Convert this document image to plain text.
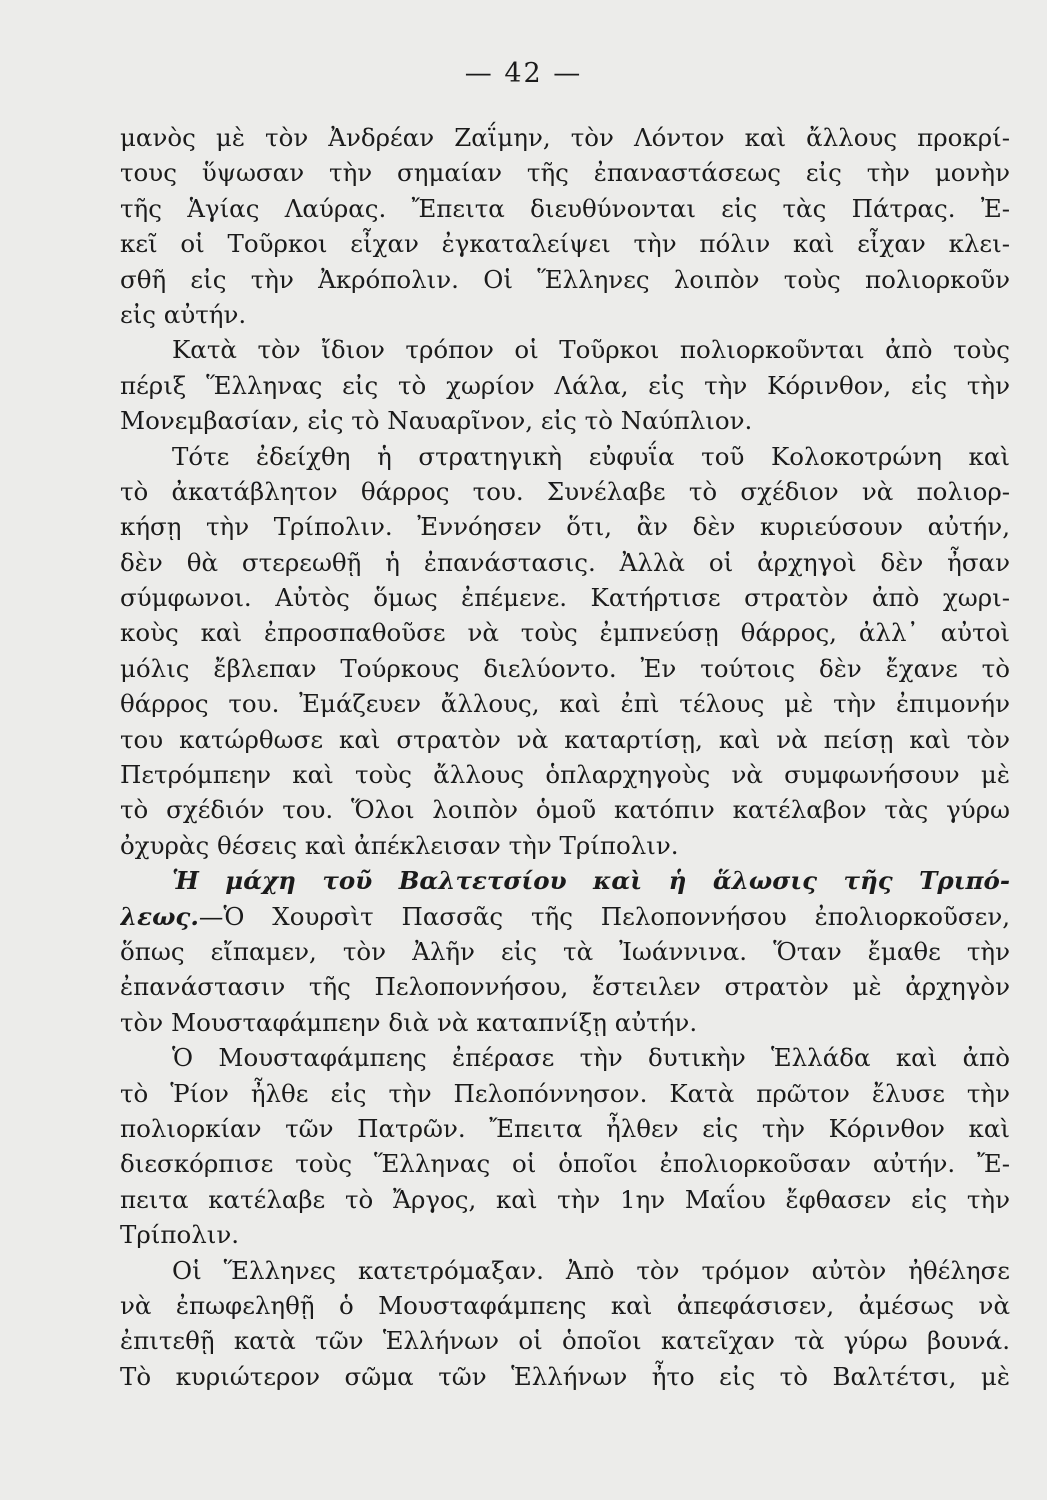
— 42 —
μανὸς μὲ τὸν Ἀνδρέαν Ζαΐμην, τὸν Λόντον καὶ ἄλλους προκρί-
τους ὕψωσαν τὴν σημαίαν τῆς ἐπαναστάσεως εἰς τὴν μονὴν
τῆς Ἁγίας Λαύρας. Ἔπειτα διευθύνονται εἰς τὰς Πάτρας. Ἐ-
κεῖ οἱ Τοῦρκοι εἶχαν ἐγκαταλείψει τὴν πόλιν καὶ εἶχαν κλει-
σθῆ εἰς τὴν Ἀκρόπολιν. Οἱ Ἕλληνες λοιπὸν τοὺς πολιορκοῦν
εἰς αὐτήν.
Κατὰ τὸν ἴδιον τρόπον οἱ Τοῦρκοι πολιορκοῦνται ἀπὸ τοὺς
πέριξ Ἕλληνας εἰς τὸ χωρίον Λάλα, εἰς τὴν Κόρινθον, εἰς τὴν
Μονεμβασίαν, εἰς τὸ Ναυαρῖνον, εἰς τὸ Ναύπλιον.
Τότε ἐδείχθη ἡ στρατηγικὴ εὐφυΐα τοῦ Κολοκοτρώνη καὶ
τὸ ἀκατάβλητον θάρρος του. Συνέλαβε τὸ σχέδιον νὰ πολιορ-
κήσῃ τὴν Τρίπολιν. Ἐννόησεν ὅτι, ἂν δὲν κυριεύσουν αὐτήν,
δὲν θὰ στερεωθῇ ἡ ἐπανάστασις. Ἀλλὰ οἱ ἀρχηγοὶ δὲν ἦσαν
σύμφωνοι. Αὐτὸς ὅμως ἐπέμενε. Κατήρτισε στρατὸν ἀπὸ χωρι-
κοὺς καὶ ἐπροσπαθοῦσε νὰ τοὺς ἐμπνεύσῃ θάρρος, ἀλλ᾿ αὐτοὶ
μόλις ἔβλεπαν Τούρκους διελύοντο. Ἐν τούτοις δὲν ἔχανε τὸ
θάρρος του. Ἐμάζευεν ἄλλους, καὶ ἐπὶ τέλους μὲ τὴν ἐπιμονήν
του κατώρθωσε καὶ στρατὸν νὰ καταρτίσῃ, καὶ νὰ πείσῃ καὶ τὸν
Πετρόμπεην καὶ τοὺς ἄλλους ὁπλαρχηγοὺς νὰ συμφωνήσουν μὲ
τὸ σχέδιόν του. Ὅλοι λοιπὸν ὁμοῦ κατόπιν κατέλαβον τὰς γύρω
ὀχυρὰς θέσεις καὶ ἀπέκλεισαν τὴν Τρίπολιν.
Ἡ μάχη τοῦ Βαλτετσίου καὶ ἡ ἅλωσις τῆς Τριπό-
λεως.—Ὁ Χουρσὶτ Πασσᾶς τῆς Πελοποννήσου ἐπολιορκοῦσεν,
ὅπως εἴπαμεν, τὸν Ἀλῆν εἰς τὰ Ἰωάννινα. Ὅταν ἔμαθε τὴν
ἐπανάστασιν τῆς Πελοποννήσου, ἔστειλεν στρατὸν μὲ ἀρχηγὸν
τὸν Μουσταφάμπεην διὰ νὰ καταπνίξῃ αὐτήν.
Ὁ Μουσταφάμπεης ἐπέρασε τὴν δυτικὴν Ἑλλάδα καὶ ἀπὸ
τὸ Ῥίον ἦλθε εἰς τὴν Πελοπόννησον. Κατὰ πρῶτον ἔλυσε τὴν
πολιορκίαν τῶν Πατρῶν. Ἔπειτα ἦλθεν εἰς τὴν Κόρινθον καὶ
διεσκόρπισε τοὺς Ἕλληνας οἱ ὁποῖοι ἐπολιορκοῦσαν αὐτήν. Ἔ-
πειτα κατέλαβε τὸ Ἄργος, καὶ τὴν 1ην Μαΐου ἔφθασεν εἰς τὴν
Τρίπολιν.
Οἱ Ἕλληνες κατετρόμαξαν. Ἀπὸ τὸν τρόμον αὐτὸν ἠθέλησε
νὰ ἐπωφεληθῇ ὁ Μουσταφάμπεης καὶ ἀπεφάσισεν, ἀμέσως νὰ
ἐπιτεθῇ κατὰ τῶν Ἑλλήνων οἱ ὁποῖοι κατεῖχαν τὰ γύρω βουνά.
Τὸ κυριώτερον σῶμα τῶν Ἑλλήνων ἦτο εἰς τὸ Βαλτέτσι, μὲ
